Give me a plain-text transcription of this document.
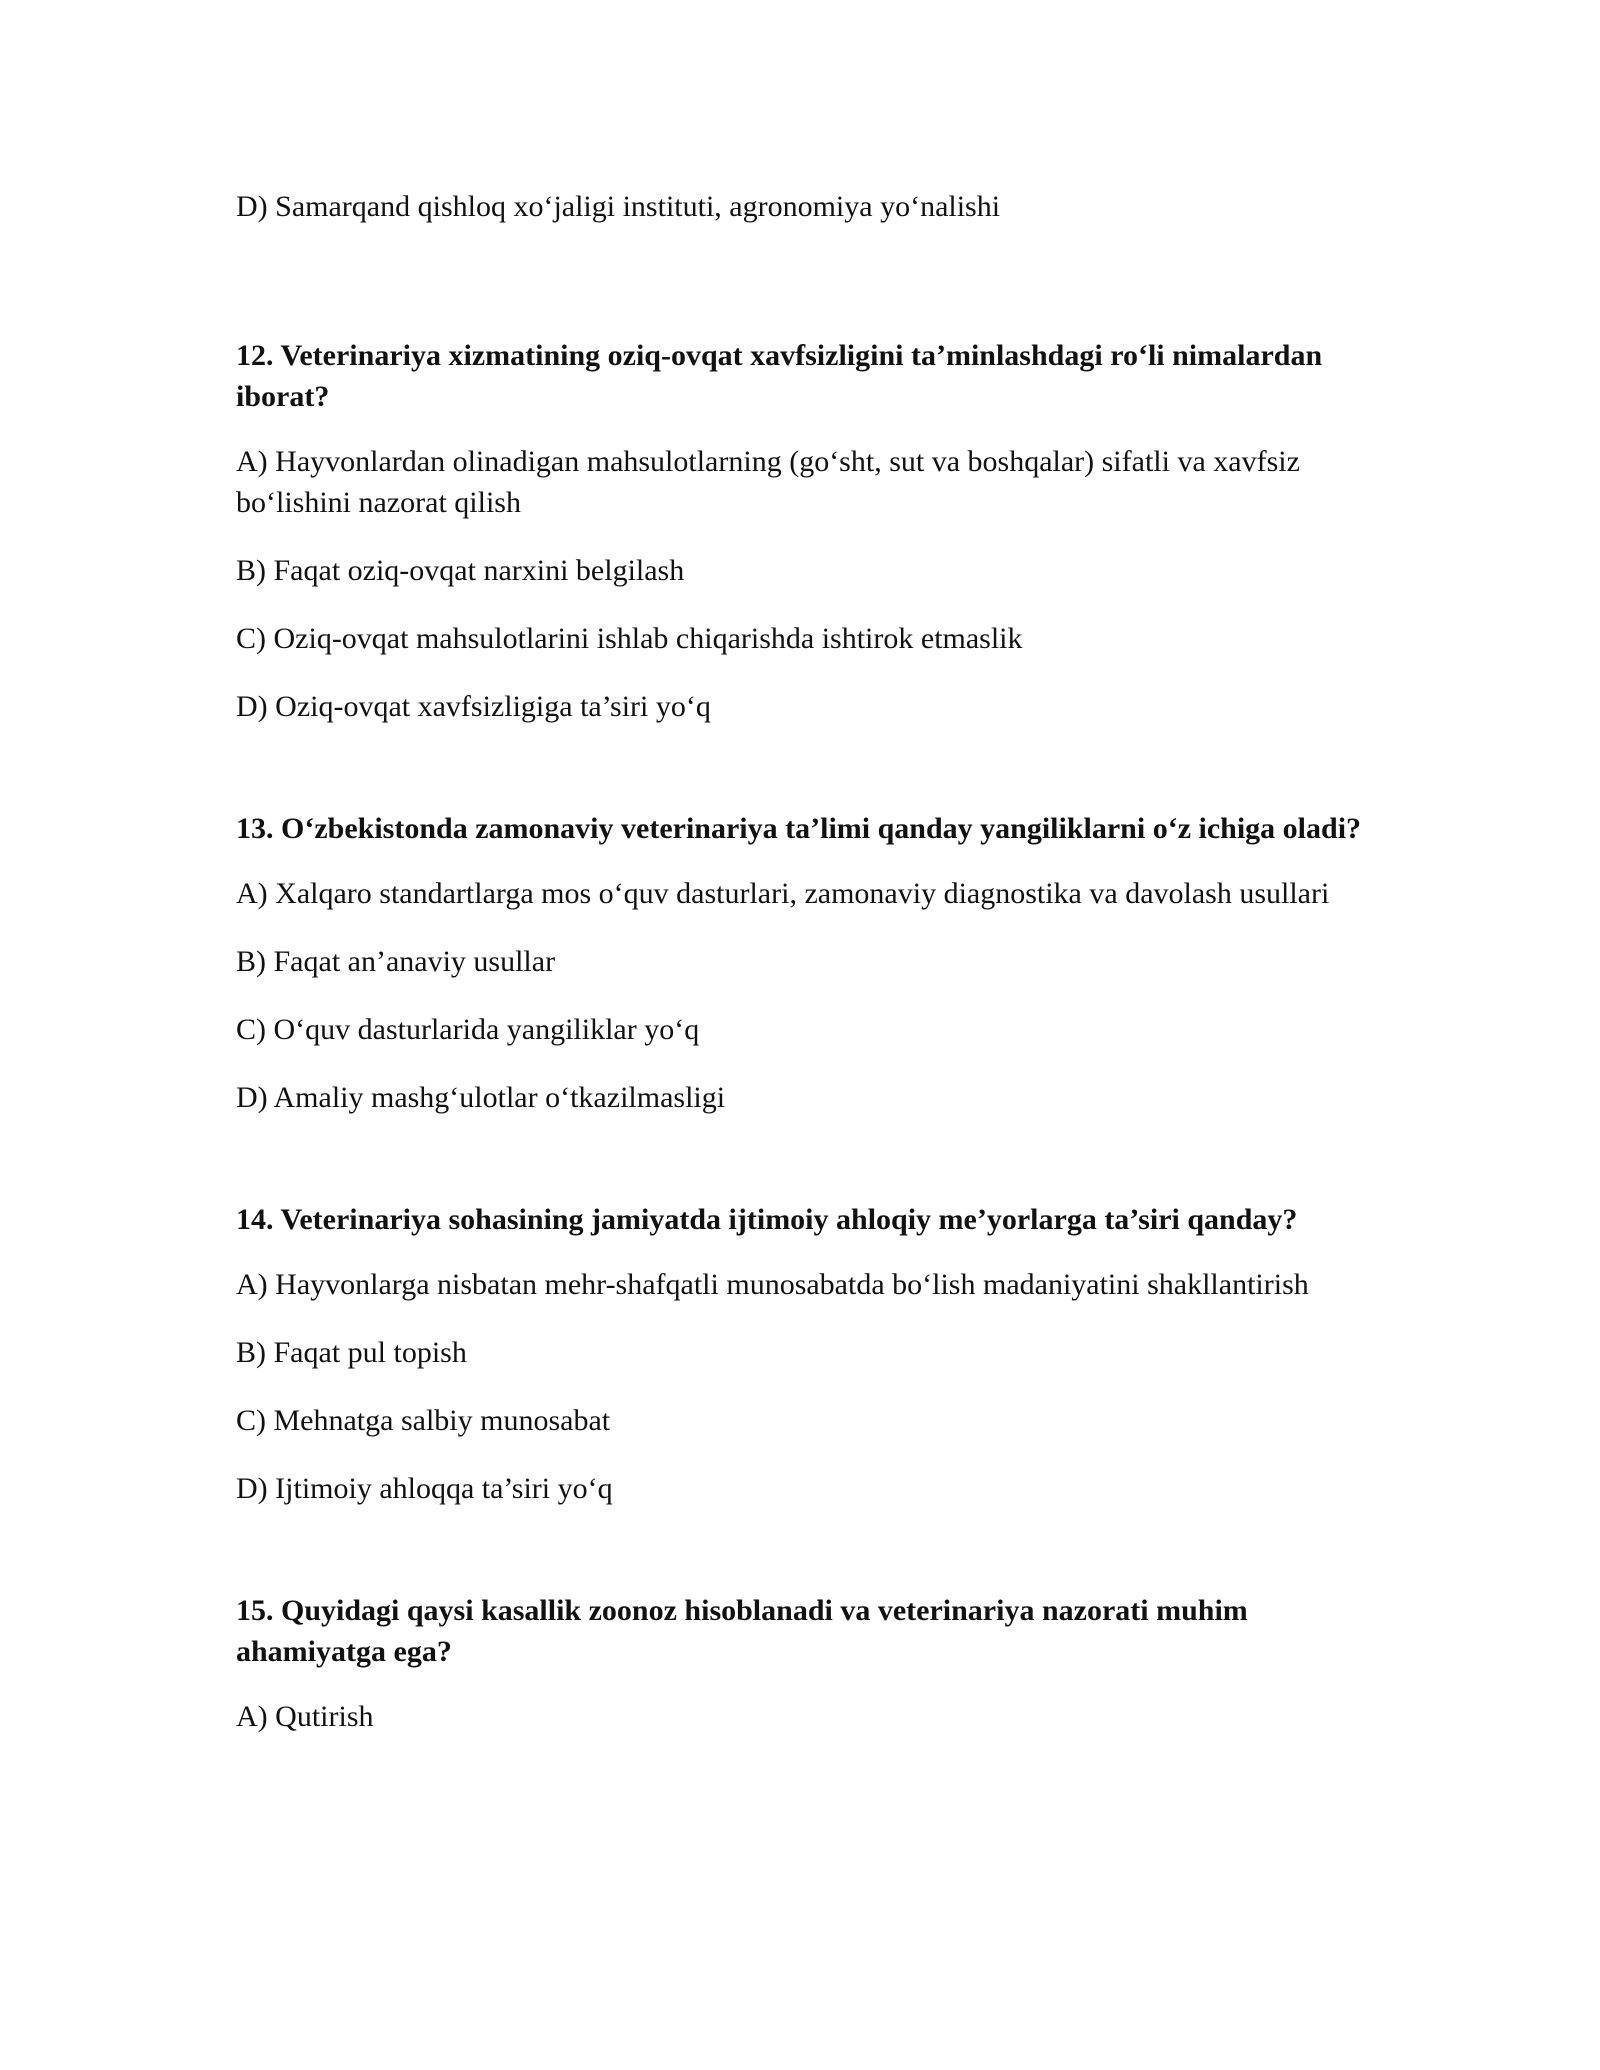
D) Samarqand qishloq xo‘jaligi instituti, agronomiya yo‘nalishi

12. Veterinariya xizmatining oziq-ovqat xavfsizligini ta’minlashdagi ro‘li nimalardan iborat?

A) Hayvonlardan olinadigan mahsulotlarning (go‘sht, sut va boshqalar) sifatli va xavfsiz bo‘lishini nazorat qilish

B) Faqat oziq-ovqat narxini belgilash

C) Oziq-ovqat mahsulotlarini ishlab chiqarishda ishtirok etmaslik

D) Oziq-ovqat xavfsizligiga ta’siri yo‘q

13. O‘zbekistonda zamonaviy veterinariya ta’limi qanday yangiliklarni o‘z ichiga oladi?

A) Xalqaro standartlarga mos o‘quv dasturlari, zamonaviy diagnostika va davolash usullari

B) Faqat an’anaviy usullar

C) O‘quv dasturlarida yangiliklar yo‘q

D) Amaliy mashg‘ulotlar o‘tkazilmasligi

14. Veterinariya sohasining jamiyatda ijtimoiy ahloqiy me’yorlarga ta’siri qanday?

A) Hayvonlarga nisbatan mehr-shafqatli munosabatda bo‘lish madaniyatini shakllantirish

B) Faqat pul topish

C) Mehnatga salbiy munosabat

D) Ijtimoiy ahloqqa ta’siri yo‘q

15. Quyidagi qaysi kasallik zoonoz hisoblanadi va veterinariya nazorati muhim ahamiyatga ega?

A) Qutirish
